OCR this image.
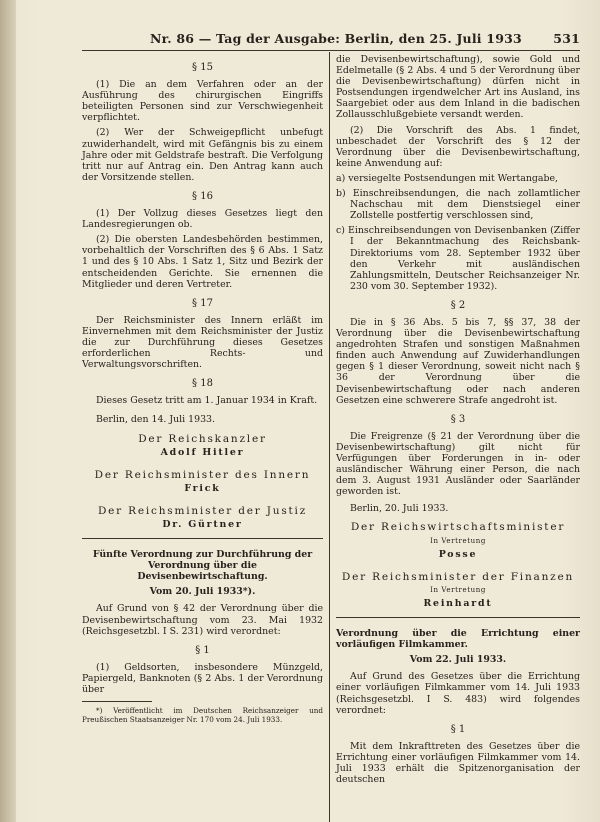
Nr. 86 — Tag der Ausgabe: Berlin, den 25. Juli 1933	531
§ 15

(1) Die an dem Verfahren oder an der Ausführung des chirurgischen Eingriffs beteiligten Personen sind zur Verschwiegenheit verpflichtet.

(2) Wer der Schweigepflicht unbefugt zuwiderhandelt, wird mit Gefängnis bis zu einem Jahre oder mit Geldstrafe bestraft. Die Verfolgung tritt nur auf Antrag ein. Den Antrag kann auch der Vorsitzende stellen.

§ 16

(1) Der Vollzug dieses Gesetzes liegt den Landesregierungen ob.

(2) Die obersten Landesbehörden bestimmen, vorbehaltlich der Vorschriften des § 6 Abs. 1 Satz 1 und des § 10 Abs. 1 Satz 1, Sitz und Bezirk der entscheidenden Gerichte. Sie ernennen die Mitglieder und deren Vertreter.

§ 17

Der Reichsminister des Innern erläßt im Einvernehmen mit dem Reichsminister der Justiz die zur Durchführung dieses Gesetzes erforderlichen Rechts- und Verwaltungsvorschriften.

§ 18

Dieses Gesetz tritt am 1. Januar 1934 in Kraft.

Berlin, den 14. Juli 1933.

Der Reichskanzler
Adolf Hitler
Der Reichsminister des Innern
Frick
Der Reichsminister der Justiz
Dr. Gürtner

Fünfte Verordnung zur Durchführung der Verordnung über die Devisenbewirtschaftung.

Vom 20. Juli 1933*).

Auf Grund von § 42 der Verordnung über die Devisenbewirtschaftung vom 23. Mai 1932 (Reichsgesetzbl. I S. 231) wird verordnet:

§ 1

(1) Geldsorten, insbesondere Münzgeld, Papiergeld, Banknoten (§ 2 Abs. 1 der Verordnung über

*) Veröffentlicht im Deutschen Reichsanzeiger und Preußischen Staatsanzeiger Nr. 170 vom 24. Juli 1933.

die Devisenbewirtschaftung), sowie Gold und Edelmetalle (§ 2 Abs. 4 und 5 der Verordnung über die Devisenbewirtschaftung) dürfen nicht in Postsendungen irgendwelcher Art ins Ausland, ins Saargebiet oder aus dem Inland in die badischen Zollausschlußgebiete versandt werden.

(2) Die Vorschrift des Abs. 1 findet, unbeschadet der Vorschrift des § 12 der Verordnung über die Devisenbewirtschaftung, keine Anwendung auf:

a) versiegelte Postsendungen mit Wertangabe,

b) Einschreibsendungen, die nach zollamtlicher Nachschau mit dem Dienstsiegel einer Zollstelle postfertig verschlossen sind,

c) Einschreibsendungen von Devisenbanken (Ziffer I der Bekanntmachung des Reichsbank-Direktoriums vom 28. September 1932 über den Verkehr mit ausländischen Zahlungsmitteln, Deutscher Reichsanzeiger Nr. 230 vom 30. September 1932).

§ 2

Die in § 36 Abs. 5 bis 7, §§ 37, 38 der Verordnung über die Devisenbewirtschaftung angedrohten Strafen und sonstigen Maßnahmen finden auch Anwendung auf Zuwiderhandlungen gegen § 1 dieser Verordnung, soweit nicht nach § 36 der Verordnung über die Devisenbewirtschaftung oder nach anderen Gesetzen eine schwerere Strafe angedroht ist.

§ 3

Die Freigrenze (§ 21 der Verordnung über die Devisenbewirtschaftung) gilt nicht für Verfügungen über Forderungen in in- oder ausländischer Währung einer Person, die nach dem 3. August 1931 Ausländer oder Saarländer geworden ist.

Berlin, 20. Juli 1933.

Der Reichswirtschaftsminister
In Vertretung
Posse
Der Reichsminister der Finanzen
In Vertretung
Reinhardt

Verordnung über die Errichtung einer vorläufigen Filmkammer.

Vom 22. Juli 1933.

Auf Grund des Gesetzes über die Errichtung einer vorläufigen Filmkammer vom 14. Juli 1933 (Reichsgesetzbl. I S. 483) wird folgendes verordnet:

§ 1

Mit dem Inkrafttreten des Gesetzes über die Errichtung einer vorläufigen Filmkammer vom 14. Juli 1933 erhält die Spitzenorganisation der deutschen
